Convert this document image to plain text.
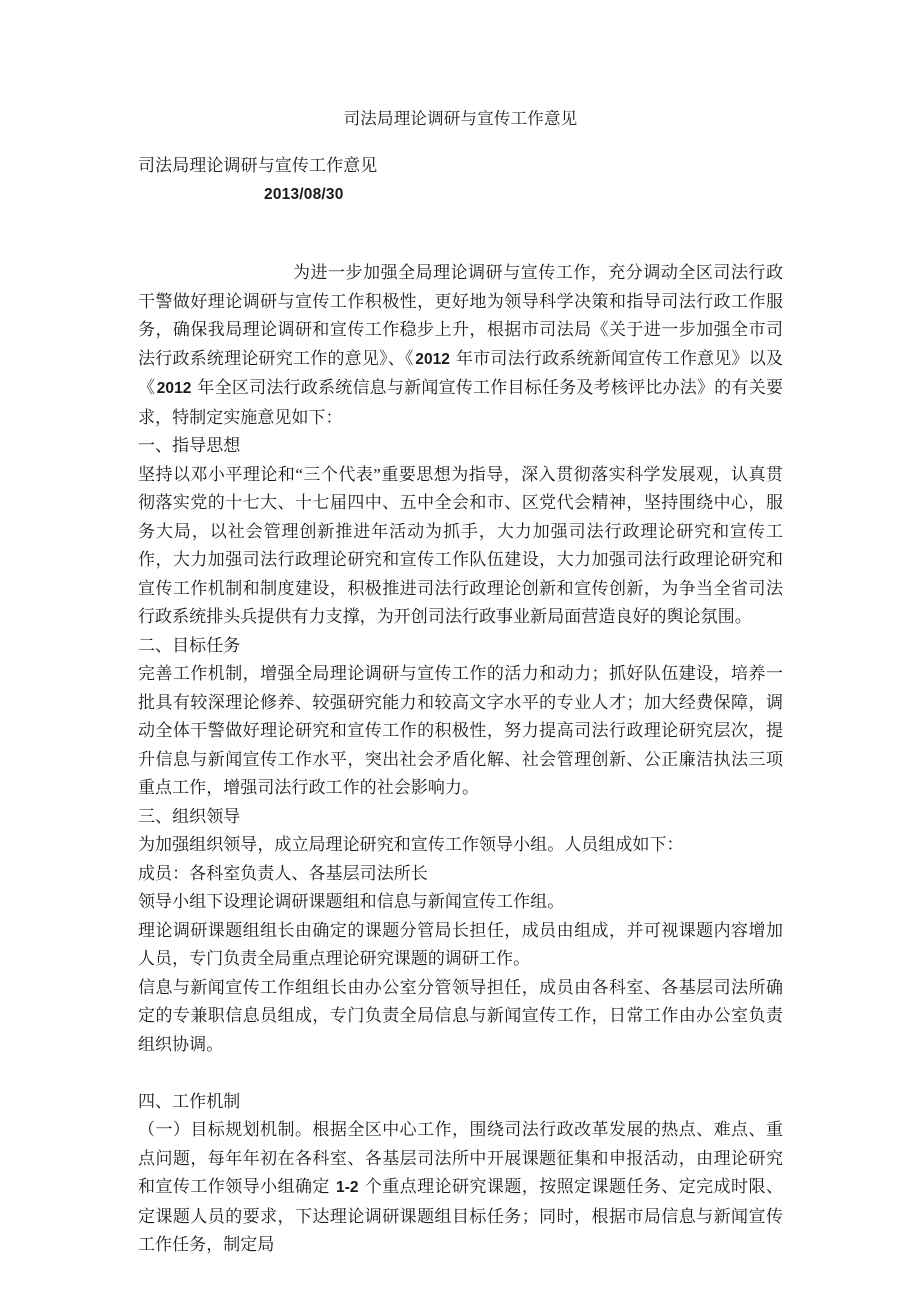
司法局理论调研与宣传工作意见
司法局理论调研与宣传工作意见
2013/08/30

为进一步加强全局理论调研与宣传工作，充分调动全区司法行政干警做好理论调研与宣传工作积极性，更好地为领导科学决策和指导司法行政工作服务，确保我局理论调研和宣传工作稳步上升，根据市司法局《关于进一步加强全市司法行政系统理论研究工作的意见》、《2012 年市司法行政系统新闻宣传工作意见》以及《2012 年全区司法行政系统信息与新闻宣传工作目标任务及考核评比办法》的有关要求，特制定实施意见如下：

一、指导思想

坚持以邓小平理论和“三个代表”重要思想为指导，深入贯彻落实科学发展观，认真贯彻落实党的十七大、十七届四中、五中全会和市、区党代会精神，坚持围绕中心，服务大局，以社会管理创新推进年活动为抓手，大力加强司法行政理论研究和宣传工作，大力加强司法行政理论研究和宣传工作队伍建设，大力加强司法行政理论研究和宣传工作机制和制度建设，积极推进司法行政理论创新和宣传创新，为争当全省司法行政系统排头兵提供有力支撑，为开创司法行政事业新局面营造良好的舆论氛围。

二、目标任务

完善工作机制，增强全局理论调研与宣传工作的活力和动力；抓好队伍建设，培养一批具有较深理论修养、较强研究能力和较高文字水平的专业人才；加大经费保障，调动全体干警做好理论研究和宣传工作的积极性，努力提高司法行政理论研究层次，提升信息与新闻宣传工作水平，突出社会矛盾化解、社会管理创新、公正廉洁执法三项重点工作，增强司法行政工作的社会影响力。

三、组织领导

为加强组织领导，成立局理论研究和宣传工作领导小组。人员组成如下：

成员：各科室负责人、各基层司法所长

领导小组下设理论调研课题组和信息与新闻宣传工作组。

理论调研课题组组长由确定的课题分管局长担任，成员由组成，并可视课题内容增加人员，专门负责全局重点理论研究课题的调研工作。

信息与新闻宣传工作组组长由办公室分管领导担任，成员由各科室、各基层司法所确定的专兼职信息员组成，专门负责全局信息与新闻宣传工作，日常工作由办公室负责组织协调。

四、工作机制

（一）目标规划机制。根据全区中心工作，围绕司法行政改革发展的热点、难点、重点问题，每年年初在各科室、各基层司法所中开展课题征集和申报活动，由理论研究和宣传工作领导小组确定 1-2 个重点理论研究课题，按照定课题任务、定完成时限、定课题人员的要求，下达理论调研课题组目标任务；同时，根据市局信息与新闻宣传工作任务，制定局
